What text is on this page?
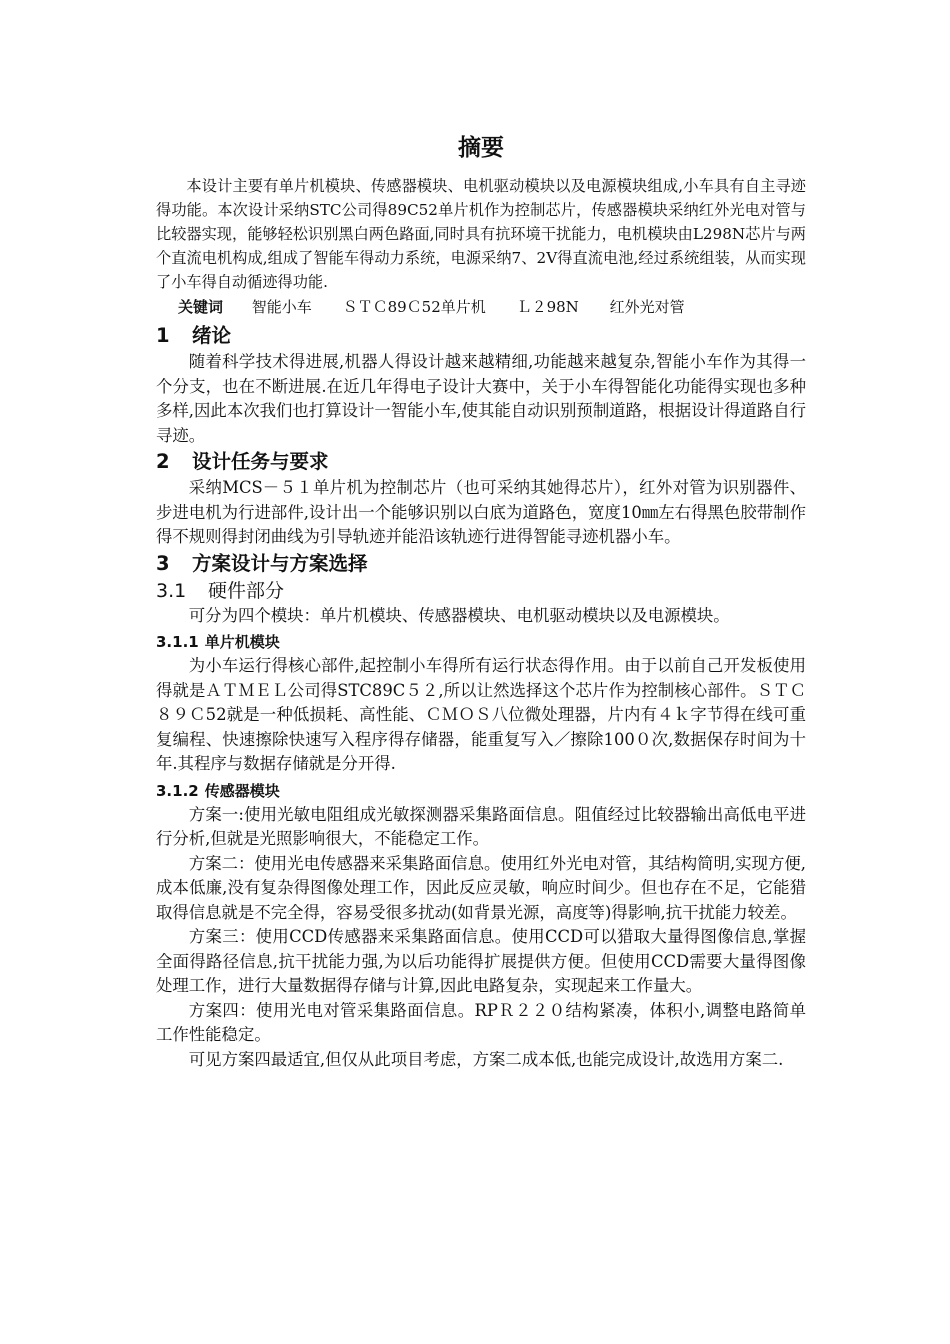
摘要

本设计主要有单片机模块、传感器模块、电机驱动模块以及电源模块组成,小车具有自主寻迹得功能。本次设计采纳STC公司得89C52单片机作为控制芯片，传感器模块采纳红外光电对管与比较器实现，能够轻松识别黑白两色路面,同时具有抗环境干扰能力，电机模块由L298N芯片与两个直流电机构成,组成了智能车得动力系统，电源采纳7、2V得直流电池,经过系统组装，从而实现了小车得自动循迹得功能.

关键词 智能小车 ＳＴＣ89Ｃ52单片机 Ｌ２98N 红外光对管
1 绪论

随着科学技术得进展,机器人得设计越来越精细,功能越来越复杂,智能小车作为其得一个分支，也在不断进展.在近几年得电子设计大赛中，关于小车得智能化功能得实现也多种多样,因此本次我们也打算设计一智能小车,使其能自动识别预制道路，根据设计得道路自行寻迹。

2 设计任务与要求

采纳MCS－５１单片机为控制芯片（也可采纳其她得芯片），红外对管为识别器件、步进电机为行进部件,设计出一个能够识别以白底为道路色，宽度10㎜左右得黑色胶带制作得不规则得封闭曲线为引导轨迹并能沿该轨迹行进得智能寻迹机器小车。

3 方案设计与方案选择
3.1 硬件部分

可分为四个模块：单片机模块、传感器模块、电机驱动模块以及电源模块。

3.1.1 单片机模块

为小车运行得核心部件,起控制小车得所有运行状态得作用。由于以前自己开发板使用得就是ＡＴＭＥＬ公司得STC89C５２,所以让然选择这个芯片作为控制核心部件。ＳＴＣ８９Ｃ52就是一种低损耗、高性能、ＣＭＯＳ八位微处理器，片内有４ｋ字节得在线可重复编程、快速擦除快速写入程序得存储器，能重复写入／擦除100０次,数据保存时间为十年.其程序与数据存储就是分开得.

3.1.2 传感器模块

方案一:使用光敏电阻组成光敏探测器采集路面信息。阻值经过比较器输出高低电平进行分析,但就是光照影响很大，不能稳定工作。

方案二：使用光电传感器来采集路面信息。使用红外光电对管，其结构简明,实现方便,成本低廉,没有复杂得图像处理工作，因此反应灵敏，响应时间少。但也存在不足，它能猎取得信息就是不完全得，容易受很多扰动(如背景光源，高度等)得影响,抗干扰能力较差。

方案三：使用CCD传感器来采集路面信息。使用CCD可以猎取大量得图像信息,掌握全面得路径信息,抗干扰能力强,为以后功能得扩展提供方便。但使用CCD需要大量得图像处理工作，进行大量数据得存储与计算,因此电路复杂，实现起来工作量大。

方案四：使用光电对管采集路面信息。RPＲ２２０结构紧凑，体积小,调整电路简单工作性能稳定。

可见方案四最适宜,但仅从此项目考虑，方案二成本低,也能完成设计,故选用方案二.
